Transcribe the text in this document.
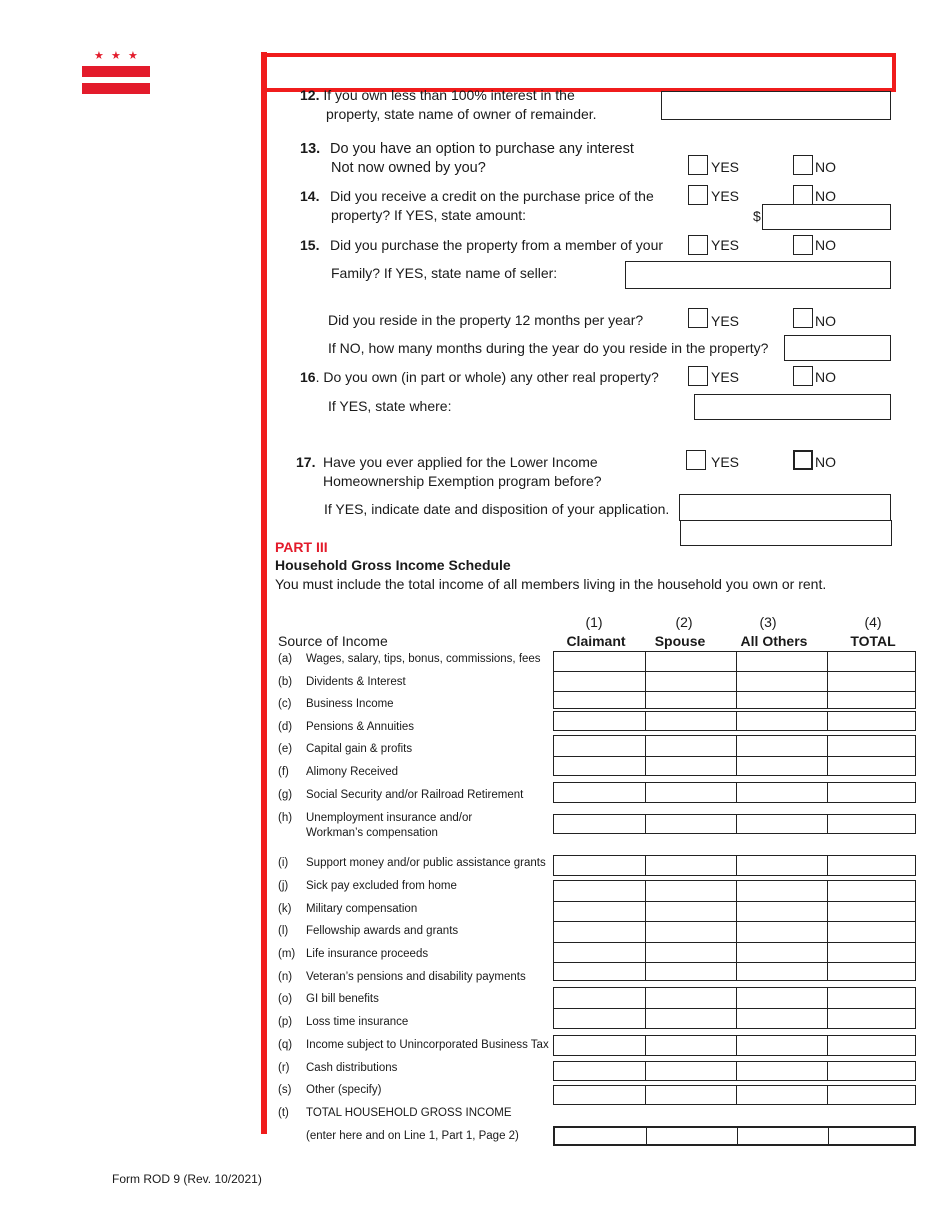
★ ★ ★
12. If you own less than 100% interest in the
property, state name of owner of remainder.
13. Do you have an option to purchase any interest
Not now owned by you?	YES	NO
14. Did you receive a credit on the purchase price of the
property? If YES, state amount:
YES	NO
$
15. Did you purchase the property from a member of your
Family? If YES, state name of seller:
YES	NO
Did you reside in the property 12 months per year?	YES	NO
If NO, how many months during the year do you reside in the property?
16. Do you own (in part or whole) any other real property?	YES	NO
If YES, state where:
17. Have you ever applied for the Lower Income
Homeownership Exemption program before?
YES	NO
If YES, indicate date and disposition of your application.
PART III
Household Gross Income Schedule
You must include the total income of all members living in the household you own or rent.
(1)	(2)	(3)	(4)
Source of Income	Claimant	Spouse	All Others	TOTAL
(a) Wages, salary, tips, bonus, commissions, fees
(b) Dividents & Interest
(c) Business Income
(d) Pensions & Annuities
(e) Capital gain & profits
(f) Alimony Received
(g) Social Security and/or Railroad Retirement
(h) Unemployment insurance and/or
Workman’s compensation
(i) Support money and/or public assistance grants
(j) Sick pay excluded from home
(k) Military compensation
(l) Fellowship awards and grants
(m) Life insurance proceeds
(n) Veteran’s pensions and disability payments
(o) GI bill benefits
(p) Loss time insurance
(q) Income subject to Unincorporated Business Tax
(r) Cash distributions
(s) Other (specify)
(t) TOTAL HOUSEHOLD GROSS INCOME
(enter here and on Line 1, Part 1, Page 2)
Form ROD 9 (Rev. 10/2021)
